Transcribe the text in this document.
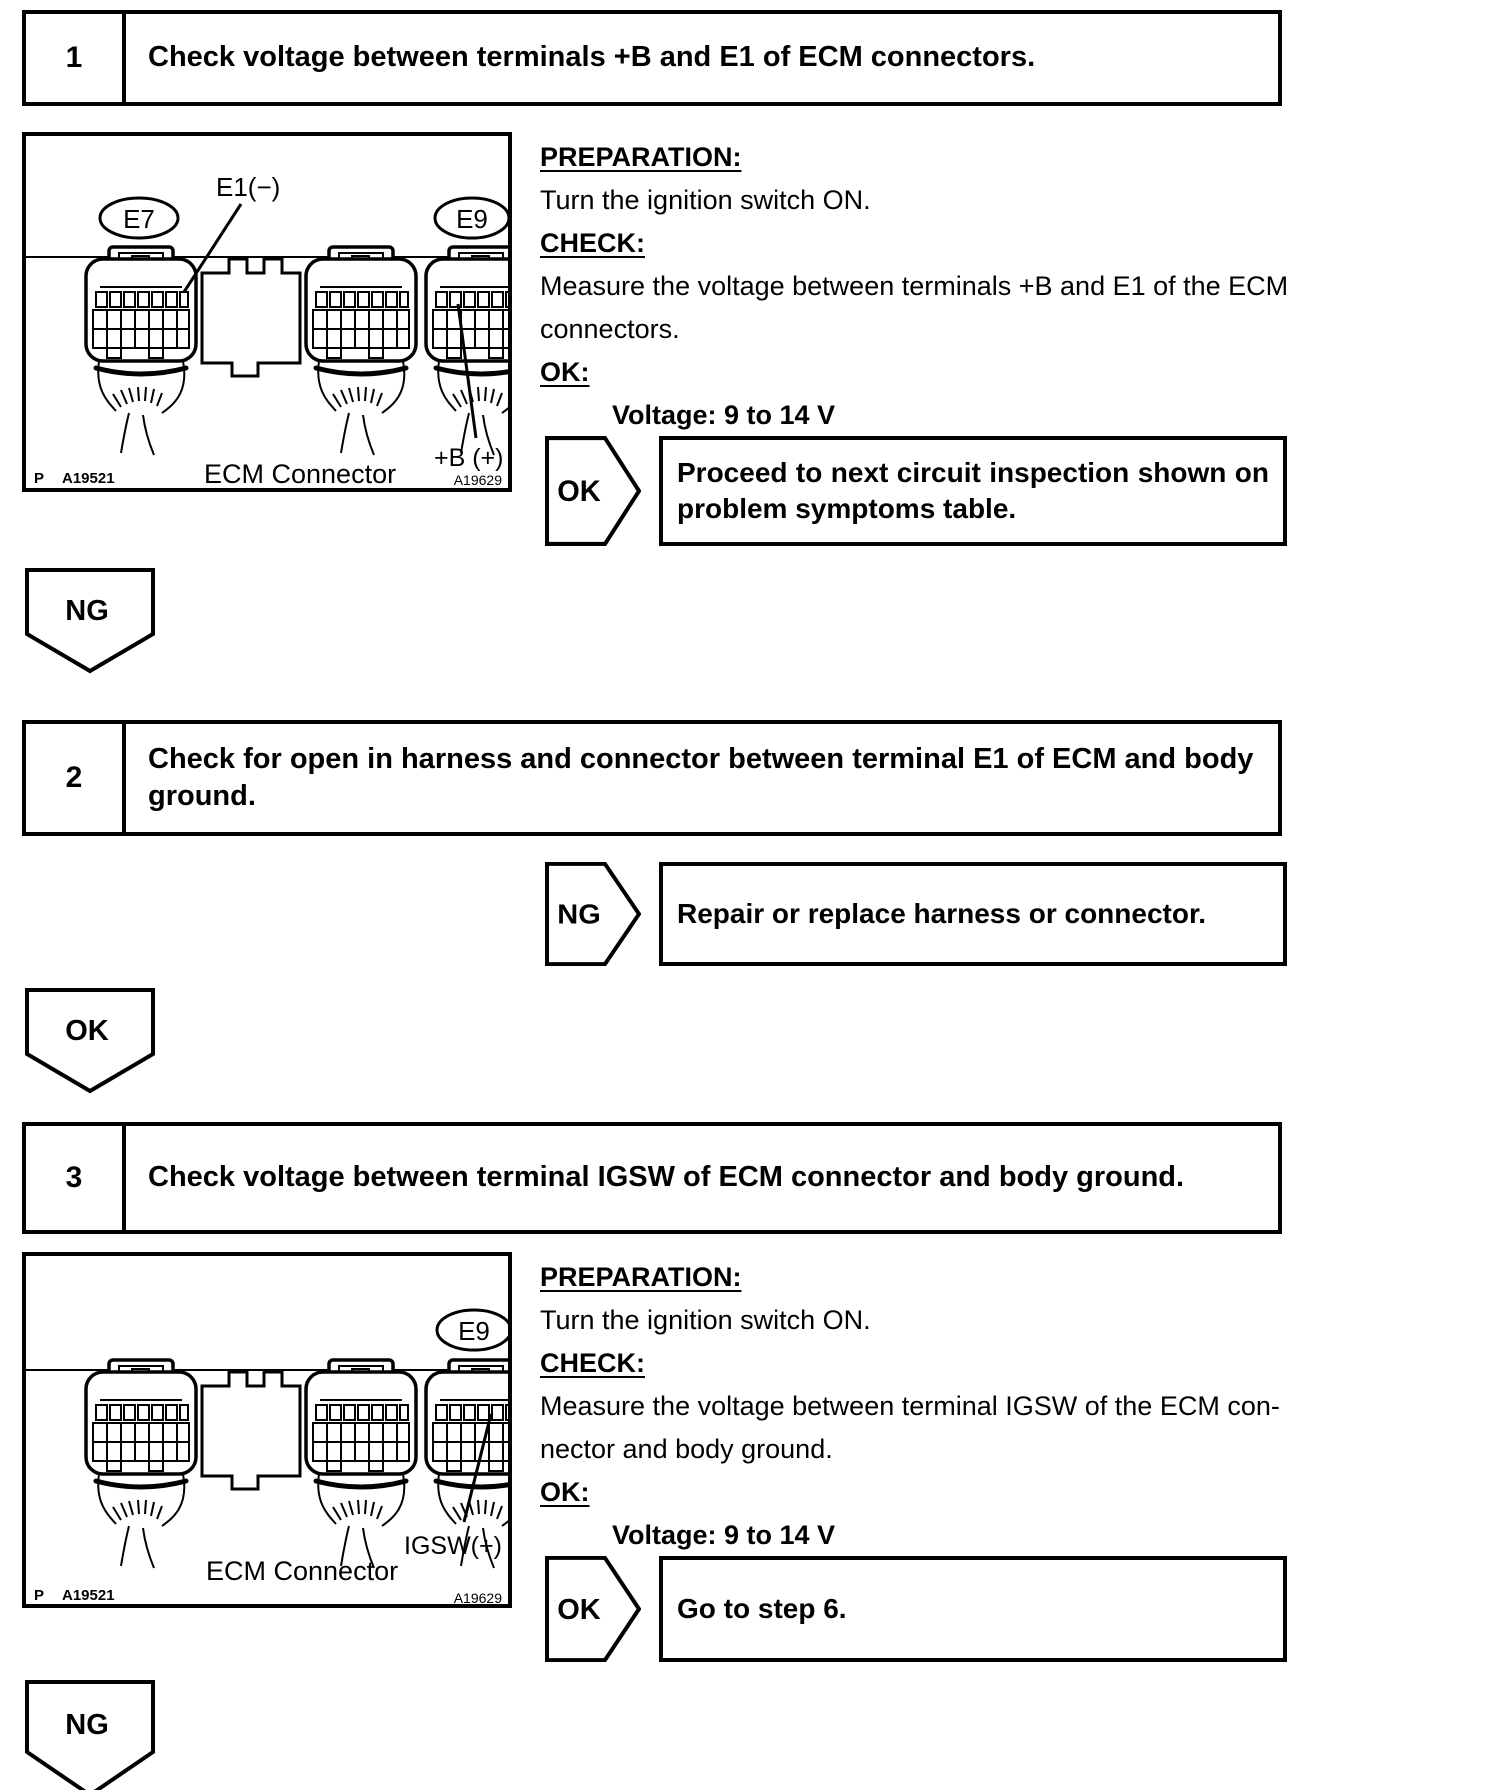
1	Check voltage between terminals +B and E1 of ECM connectors.
E7	E9
E1(−)
+B (+)
ECM Connector
P A19521	A19629
PREPARATION:
Turn the ignition switch ON.
CHECK:
Measure the voltage between terminals +B and E1 of the ECM connectors.
OK:
Voltage: 9 to 14 V
OK
Proceed to next circuit inspection shown on problem symptoms table.
NG
2
Check for open in harness and connector between terminal E1 of ECM and body ground.
NG	Repair or replace harness or connector.
OK
3	Check voltage between terminal IGSW of ECM connector and body ground.
E9
IGSW(+)
ECM Connector
P A19521	A19629
PREPARATION:
Turn the ignition switch ON.
CHECK:
Measure the voltage between terminal IGSW of the ECM connector and body ground.
OK:
Voltage: 9 to 14 V
OK	Go to step 6.
NG
